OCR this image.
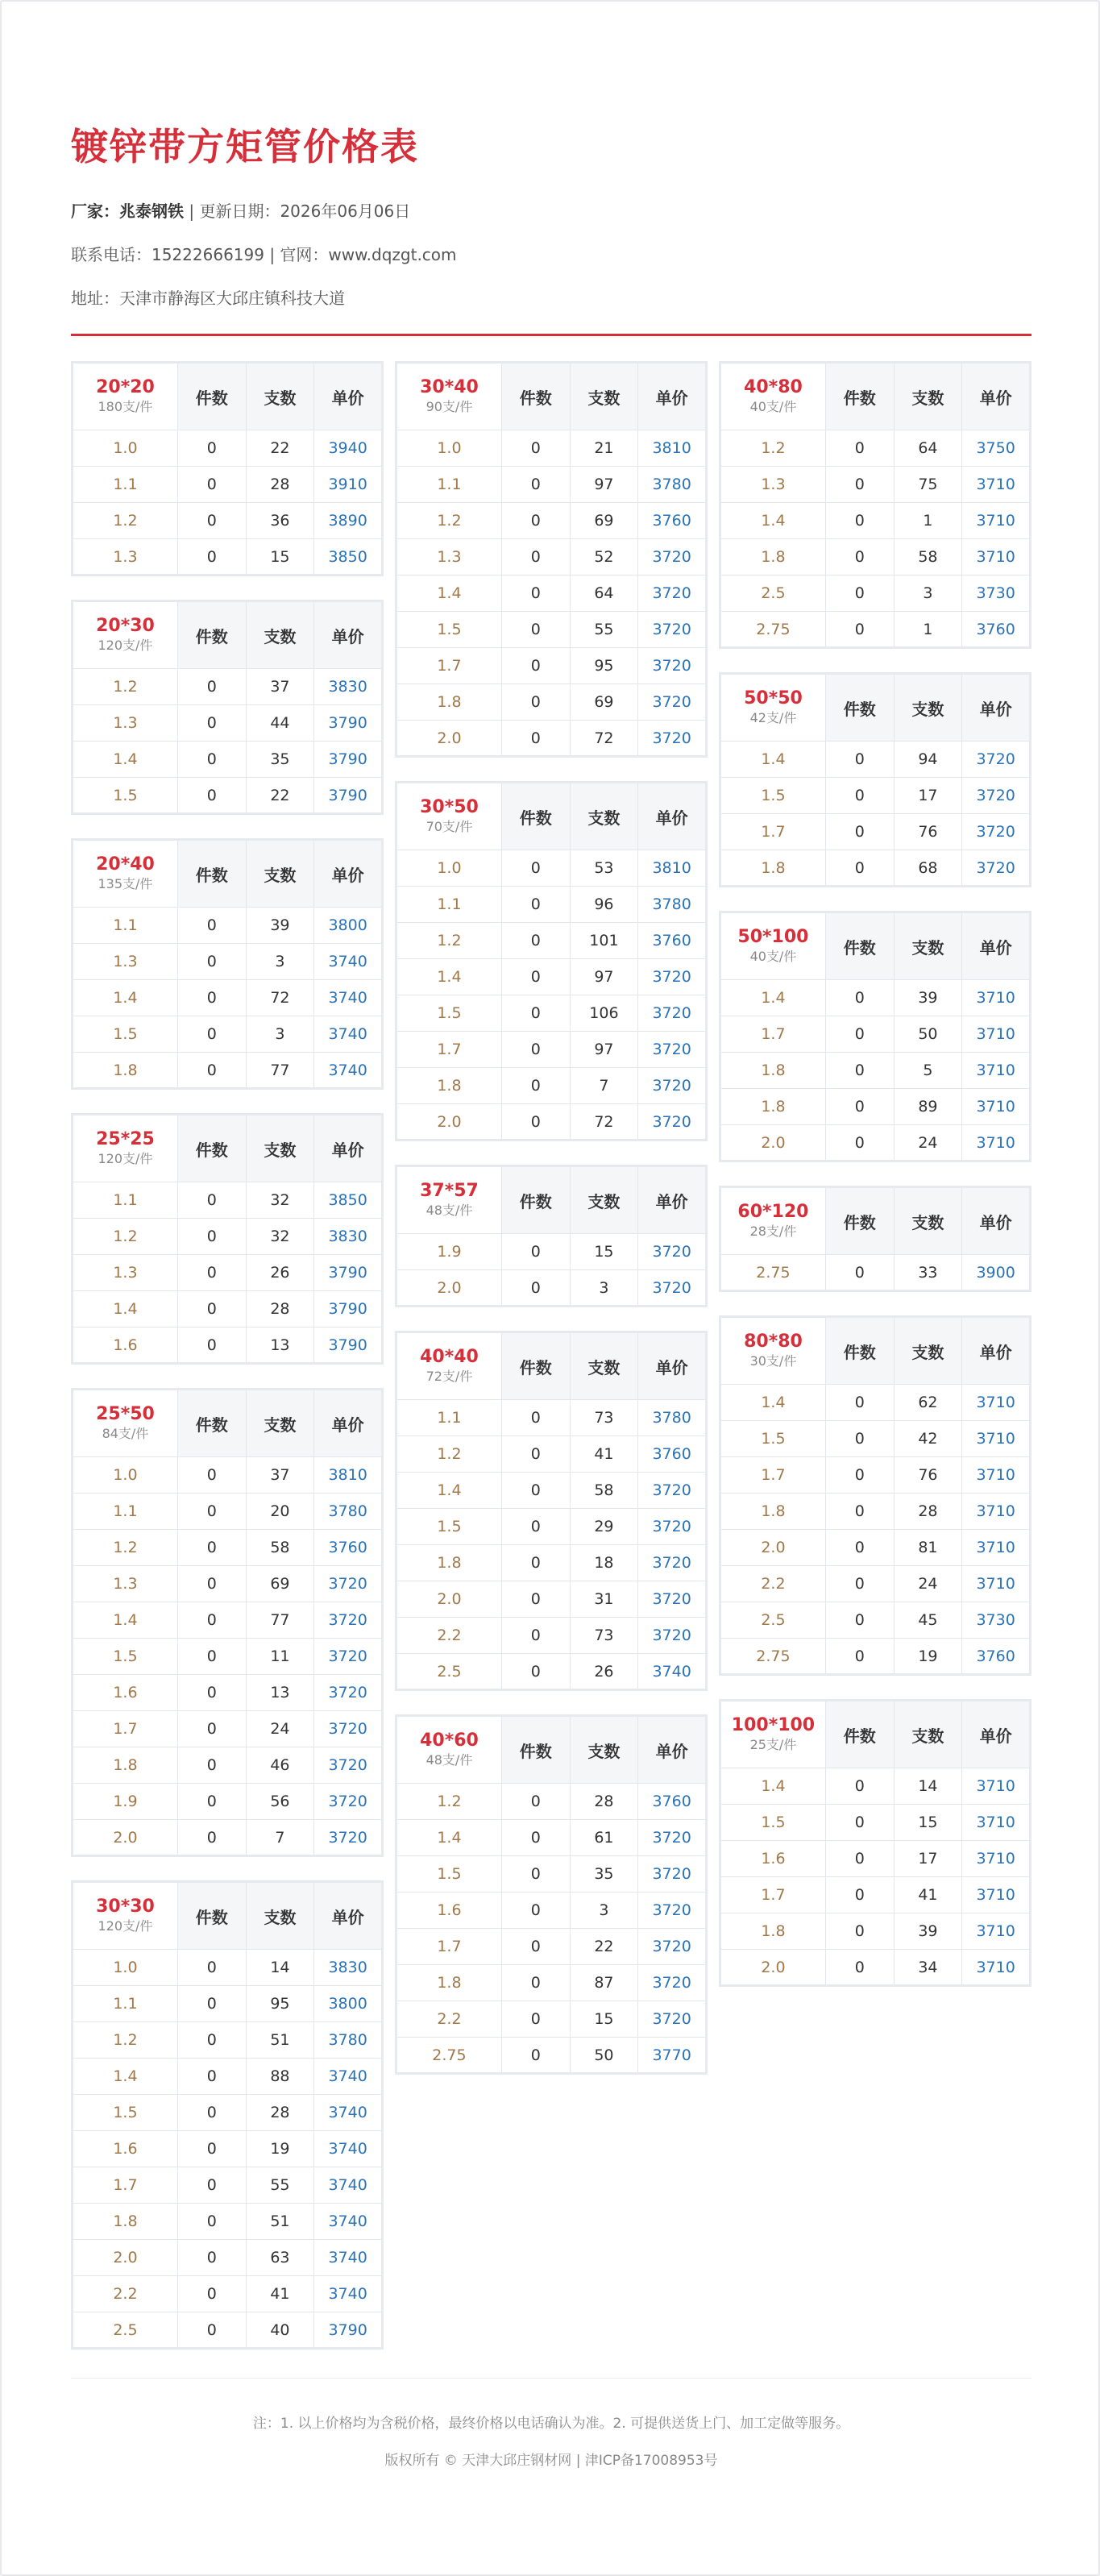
镀锌带方矩管价格表
厂家：兆泰钢铁 | 更新日期：2026年06月06日
联系电话：15222666199 | 官网：www.dqzgt.com
地址：天津市静海区大邱庄镇科技大道
20*20
180支/件	件数	支数	单价
1.0	0	22	3940
1.1	0	28	3910
1.2	0	36	3890
1.3	0	15	3850
20*30
120支/件	件数	支数	单价
1.2	0	37	3830
1.3	0	44	3790
1.4	0	35	3790
1.5	0	22	3790
20*40
135支/件	件数	支数	单价
1.1	0	39	3800
1.3	0	3	3740
1.4	0	72	3740
1.5	0	3	3740
1.8	0	77	3740
25*25
120支/件	件数	支数	单价
1.1	0	32	3850
1.2	0	32	3830
1.3	0	26	3790
1.4	0	28	3790
1.6	0	13	3790
25*50
84支/件	件数	支数	单价
1.0	0	37	3810
1.1	0	20	3780
1.2	0	58	3760
1.3	0	69	3720
1.4	0	77	3720
1.5	0	11	3720
1.6	0	13	3720
1.7	0	24	3720
1.8	0	46	3720
1.9	0	56	3720
2.0	0	7	3720
30*30
120支/件	件数	支数	单价
1.0	0	14	3830
1.1	0	95	3800
1.2	0	51	3780
1.4	0	88	3740
1.5	0	28	3740
1.6	0	19	3740
1.7	0	55	3740
1.8	0	51	3740
2.0	0	63	3740
2.2	0	41	3740
2.5	0	40	3790
30*40
90支/件	件数	支数	单价
1.0	0	21	3810
1.1	0	97	3780
1.2	0	69	3760
1.3	0	52	3720
1.4	0	64	3720
1.5	0	55	3720
1.7	0	95	3720
1.8	0	69	3720
2.0	0	72	3720
30*50
70支/件	件数	支数	单价
1.0	0	53	3810
1.1	0	96	3780
1.2	0	101	3760
1.4	0	97	3720
1.5	0	106	3720
1.7	0	97	3720
1.8	0	7	3720
2.0	0	72	3720
37*57
48支/件	件数	支数	单价
1.9	0	15	3720
2.0	0	3	3720
40*40
72支/件	件数	支数	单价
1.1	0	73	3780
1.2	0	41	3760
1.4	0	58	3720
1.5	0	29	3720
1.8	0	18	3720
2.0	0	31	3720
2.2	0	73	3720
2.5	0	26	3740
40*60
48支/件	件数	支数	单价
1.2	0	28	3760
1.4	0	61	3720
1.5	0	35	3720
1.6	0	3	3720
1.7	0	22	3720
1.8	0	87	3720
2.2	0	15	3720
2.75	0	50	3770
40*80
40支/件	件数	支数	单价
1.2	0	64	3750
1.3	0	75	3710
1.4	0	1	3710
1.8	0	58	3710
2.5	0	3	3730
2.75	0	1	3760
50*50
42支/件	件数	支数	单价
1.4	0	94	3720
1.5	0	17	3720
1.7	0	76	3720
1.8	0	68	3720
50*100
40支/件	件数	支数	单价
1.4	0	39	3710
1.7	0	50	3710
1.8	0	5	3710
1.8	0	89	3710
2.0	0	24	3710
60*120
28支/件	件数	支数	单价
2.75	0	33	3900
80*80
30支/件	件数	支数	单价
1.4	0	62	3710
1.5	0	42	3710
1.7	0	76	3710
1.8	0	28	3710
2.0	0	81	3710
2.2	0	24	3710
2.5	0	45	3730
2.75	0	19	3760
100*100
25支/件	件数	支数	单价
1.4	0	14	3710
1.5	0	15	3710
1.6	0	17	3710
1.7	0	41	3710
1.8	0	39	3710
2.0	0	34	3710
注：1. 以上价格均为含税价格，最终价格以电话确认为准。2. 可提供送货上门、加工定做等服务。
版权所有 © 天津大邱庄钢材网 | 津ICP备17008953号
